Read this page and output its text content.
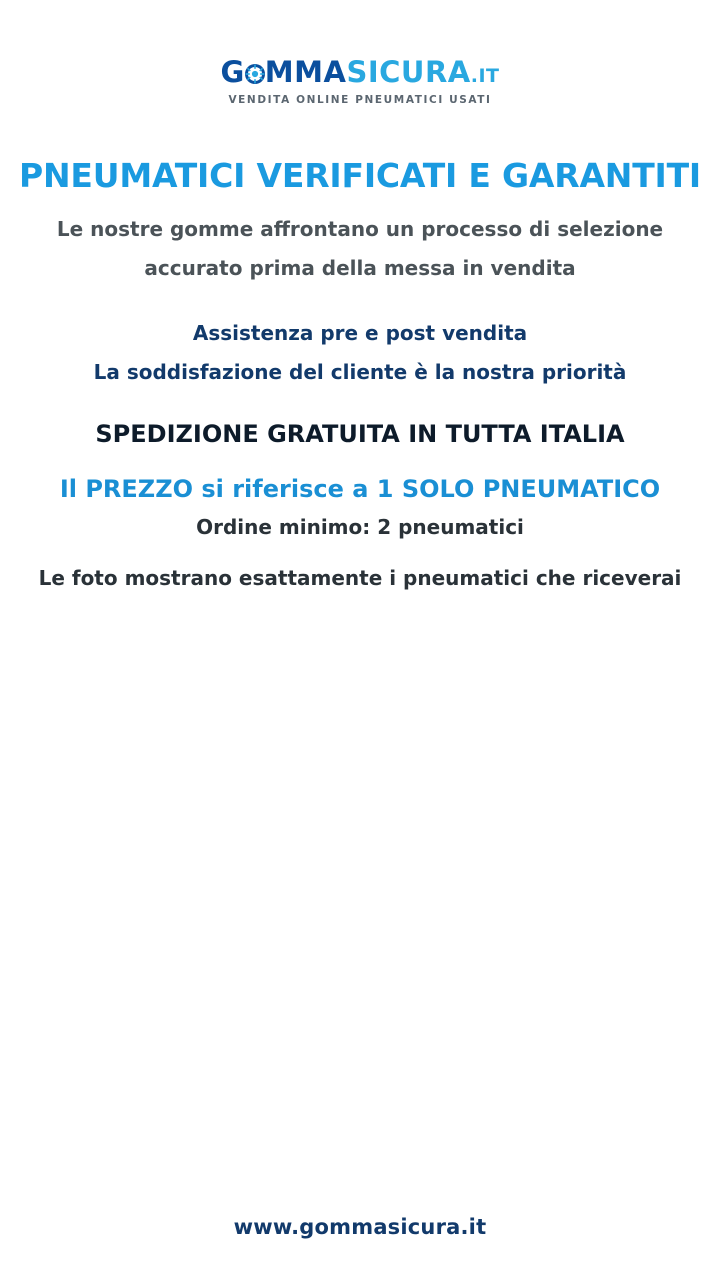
G MMASICURA.IT
VENDITA ONLINE PNEUMATICI USATI
PNEUMATICI VERIFICATI E GARANTITI
Le nostre gomme affrontano un processo di selezione
accurato prima della messa in vendita
Assistenza pre e post vendita
La soddisfazione del cliente è la nostra priorità
SPEDIZIONE GRATUITA IN TUTTA ITALIA
Il PREZZO si riferisce a 1 SOLO PNEUMATICO
Ordine minimo: 2 pneumatici
Le foto mostrano esattamente i pneumatici che riceverai
www.gommasicura.it
